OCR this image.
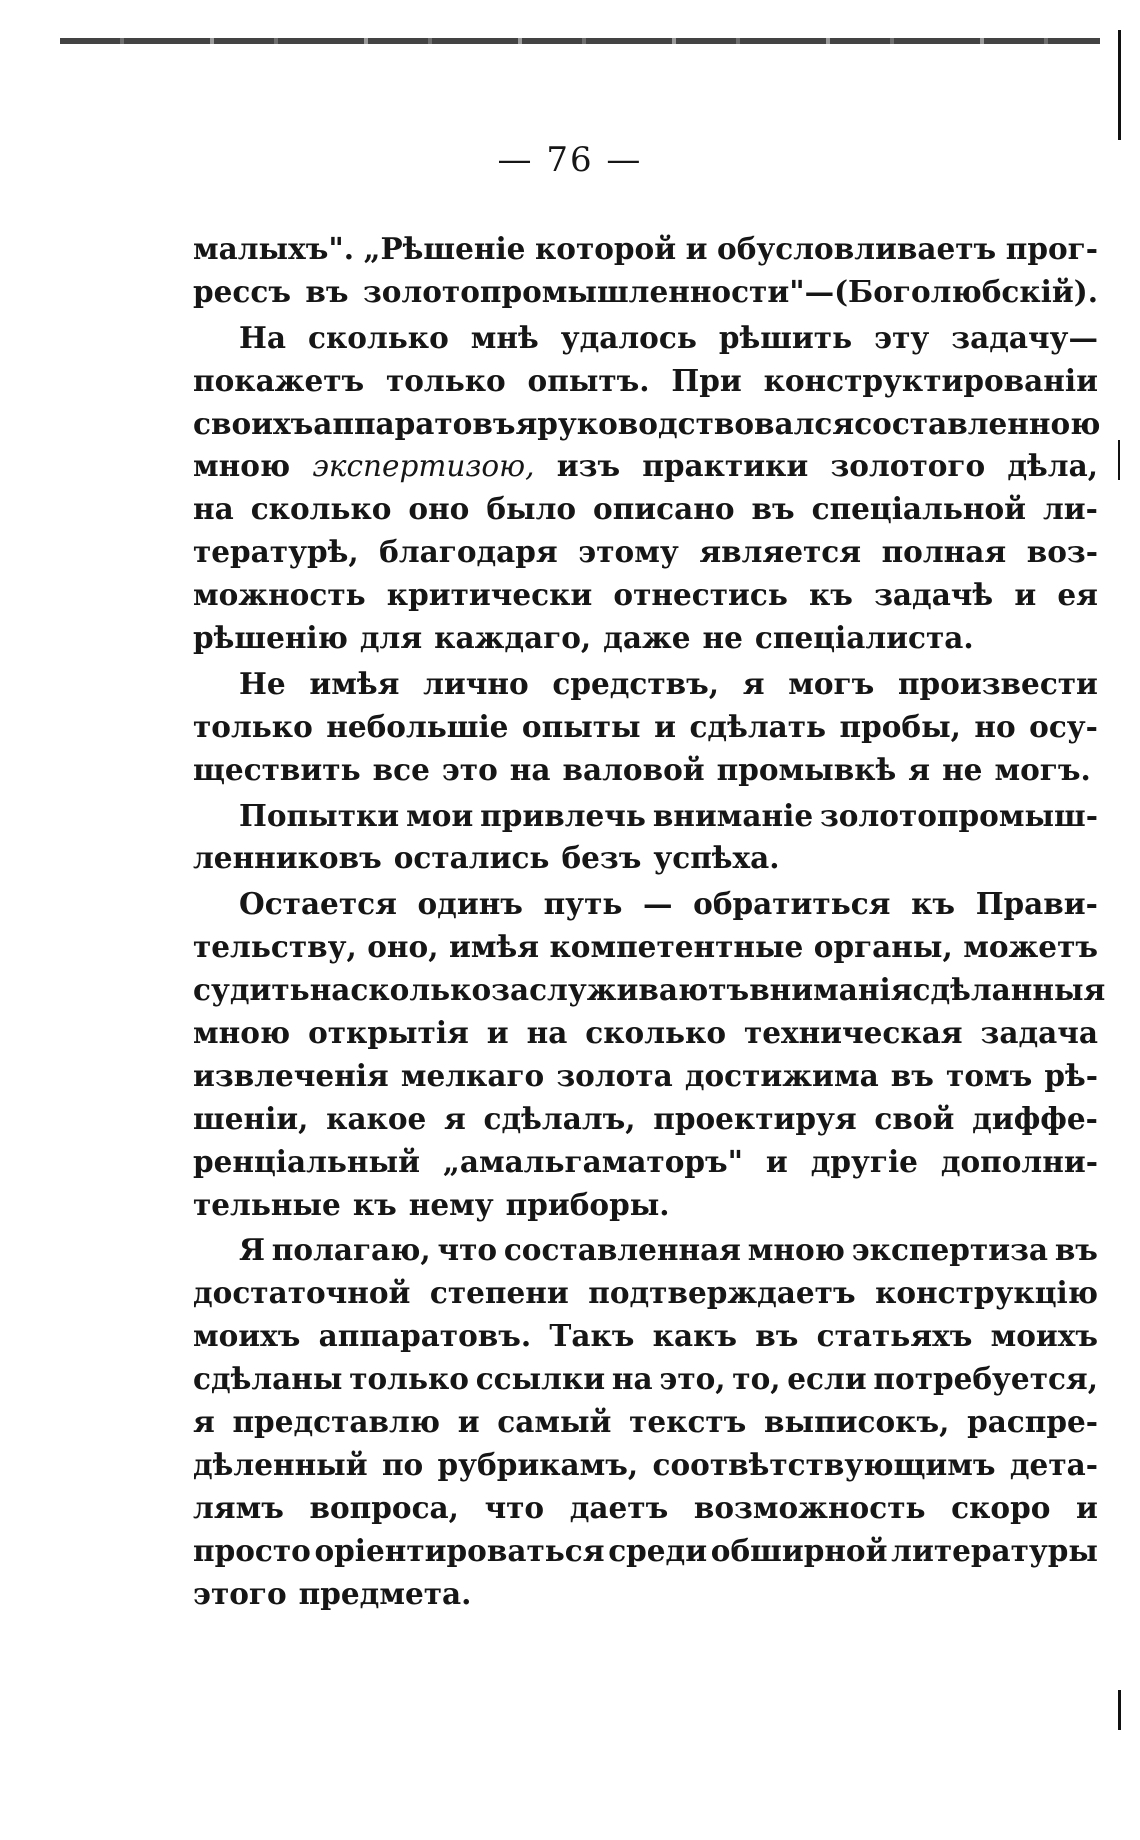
— 76 —
малыхъ". „Рѣшеніе которой и обусловливаетъ прог-
рессъ въ золотопромышленности"—(Боголюбскій).
На сколько мнѣ удалось рѣшить эту задачу—
покажетъ только опытъ. При конструктированіи
своихъ аппаратовъ я руководствовался составленною
мною экспертизою, изъ практики золотого дѣла,
на сколько оно было описано въ спеціальной ли-
тературѣ, благодаря этому является полная воз-
можность критически отнестись къ задачѣ и ея
рѣшенію для каждаго, даже не спеціалиста.
Не имѣя лично средствъ, я могъ произвести
только небольшіе опыты и сдѣлать пробы, но осу-
ществить все это на валовой промывкѣ я не могъ.
Попытки мои привлечь вниманіе золотопромыш-
ленниковъ остались безъ успѣха.
Остается одинъ путь — обратиться къ Прави-
тельству, оно, имѣя компетентные органы, можетъ
судить насколько заслуживаютъ вниманія сдѣланныя
мною открытія и на сколько техническая задача
извлеченія мелкаго золота достижима въ томъ рѣ-
шеніи, какое я сдѣлалъ, проектируя свой диффе-
ренціальный „амальгаматоръ" и другіе дополни-
тельные къ нему приборы.
Я полагаю, что составленная мною экспертиза въ
достаточной степени подтверждаетъ конструкцію
моихъ аппаратовъ. Такъ какъ въ статьяхъ моихъ
сдѣланы только ссылки на это, то, если потребуется,
я представлю и самый текстъ выписокъ, распре-
дѣленный по рубрикамъ, соотвѣтствующимъ дета-
лямъ вопроса, что даетъ возможность скоро и
просто оріентироваться среди обширной литературы
этого предмета.
